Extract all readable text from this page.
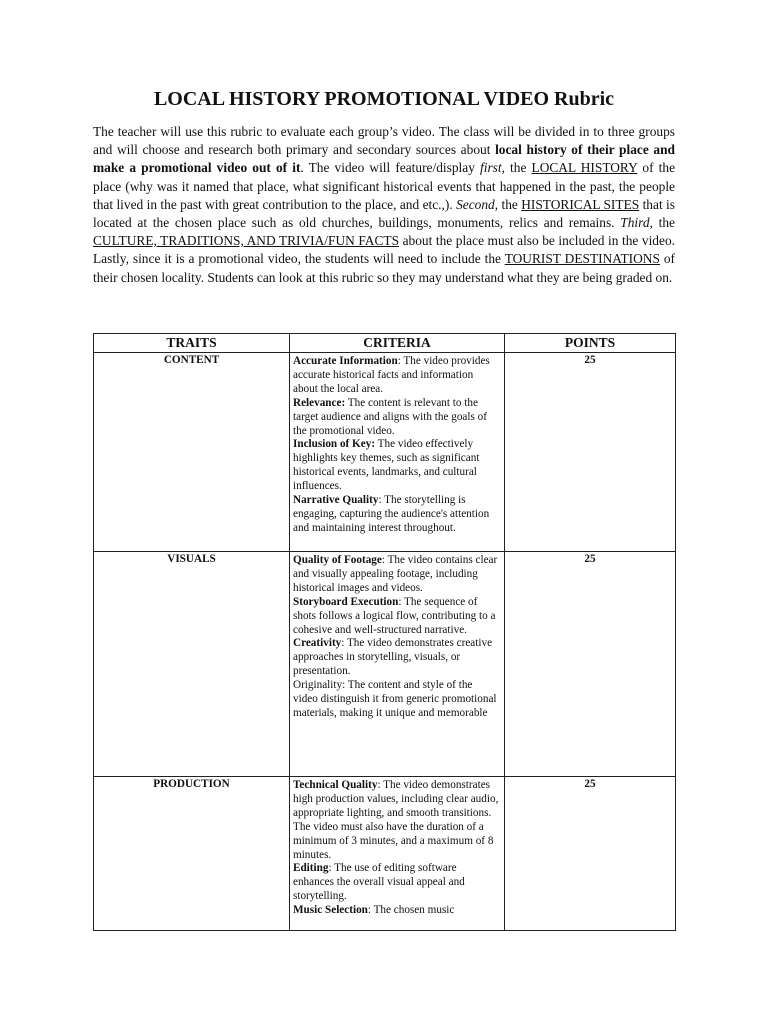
LOCAL HISTORY PROMOTIONAL VIDEO Rubric

The teacher will use this rubric to evaluate each group’s video. The class will be divided in to three groups and will choose and research both primary and secondary sources about local history of their place and make a promotional video out of it. The video will feature/display first, the LOCAL HISTORY of the place (why was it named that place, what significant historical events that happened in the past, the people that lived in the past with great contribution to the place, and etc.,). Second, the HISTORICAL SITES that is located at the chosen place such as old churches, buildings, monuments, relics and remains. Third, the CULTURE, TRADITIONS, AND TRIVIA/FUN FACTS about the place must also be included in the video. Lastly, since it is a promotional video, the students will need to include the TOURIST DESTINATIONS of their chosen locality. Students can look at this rubric so they may understand what they are being graded on.

TRAITS	CRITERIA	POINTS
CONTENT	Accurate Information: The video provides accurate historical facts and information about the local area.

Relevance: The content is relevant to the target audience and aligns with the goals of the promotional video.

Inclusion of Key: The video effectively highlights key themes, such as significant historical events, landmarks, and cultural influences.

Narrative Quality: The storytelling is engaging, capturing the audience's attention and maintaining interest throughout.	25
VISUALS	Quality of Footage: The video contains clear and visually appealing footage, including historical images and videos.

Storyboard Execution: The sequence of shots follows a logical flow, contributing to a cohesive and well-structured narrative.

Creativity: The video demonstrates creative approaches in storytelling, visuals, or presentation.

Originality: The content and style of the video distinguish it from generic promotional materials, making it unique and memorable	25
PRODUCTION	Technical Quality: The video demonstrates high production values, including clear audio, appropriate lighting, and smooth transitions. The video must also have the duration of a minimum of 3 minutes, and a maximum of 8 minutes.

Editing: The use of editing software enhances the overall visual appeal and storytelling.

Music Selection: The chosen music	25
